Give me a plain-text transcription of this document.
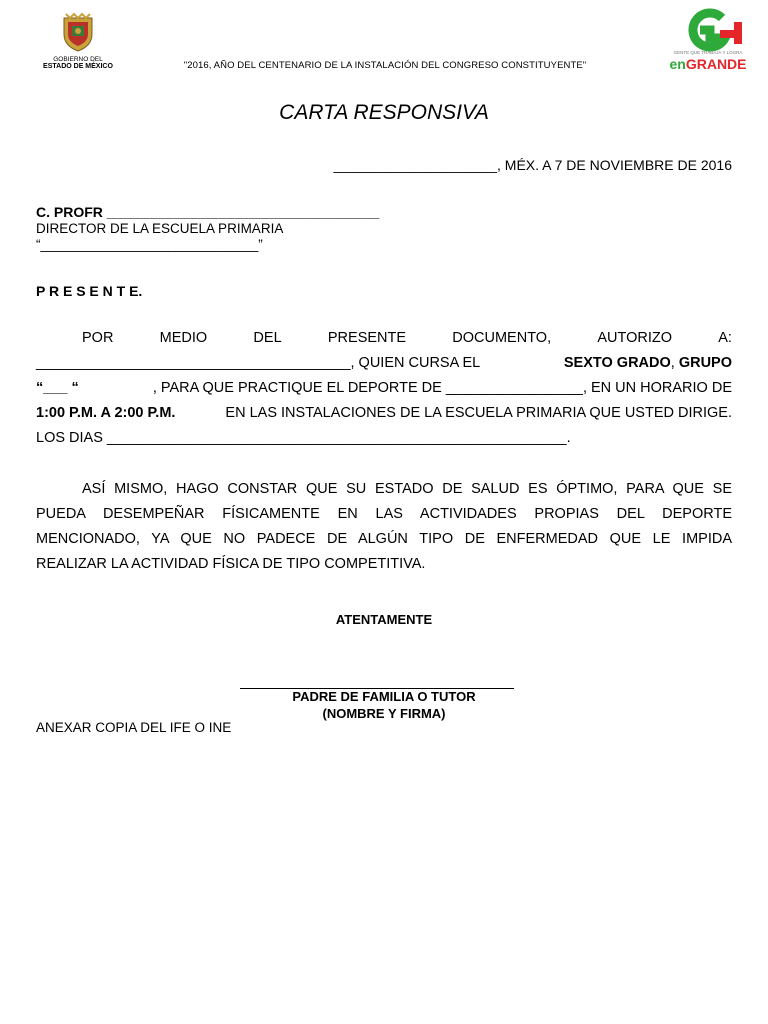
GOBIERNO DEL
ESTADO DE MÉXICO	"2016, AÑO DEL CENTENARIO DE LA INSTALACIÓN DEL CONGRESO CONSTITUYENTE"
GENTE QUE TRABAJA Y LOGRA
enGRANDE
CARTA RESPONSIVA
_____________________, MÉX. A 7 DE NOVIEMBRE DE 2016
C. PROFR ___________________________________
DIRECTOR DE LA ESCUELA PRIMARIA
“_____________________________”
P R E S E N T E.
POR	MEDIO	DEL	PRESENTE	DOCUMENTO,	AUTORIZO	A:
_______________________________________, QUIEN CURSA EL	SEXTO GRADO, GRUPO
“___ “	, PARA QUE PRACTIQUE EL DEPORTE DE _________________, EN UN HORARIO DE
1:00 P.M. A 2:00 P.M.	EN LAS INSTALACIONES DE LA ESCUELA PRIMARIA QUE USTED DIRIGE.
LOS DIAS _________________________________________________________.
ASÍ MISMO, HAGO CONSTAR QUE SU ESTADO DE SALUD ES ÓPTIMO, PARA QUE SE
PUEDA DESEMPEÑAR FÍSICAMENTE EN LAS ACTIVIDADES PROPIAS DEL DEPORTE
MENCIONADO, YA QUE NO PADECE DE ALGÚN TIPO DE ENFERMEDAD QUE LE IMPIDA
REALIZAR LA ACTIVIDAD FÍSICA DE TIPO COMPETITIVA.
ATENTAMENTE
PADRE DE FAMILIA O TUTOR
(NOMBRE Y FIRMA)
ANEXAR COPIA DEL IFE O INE
